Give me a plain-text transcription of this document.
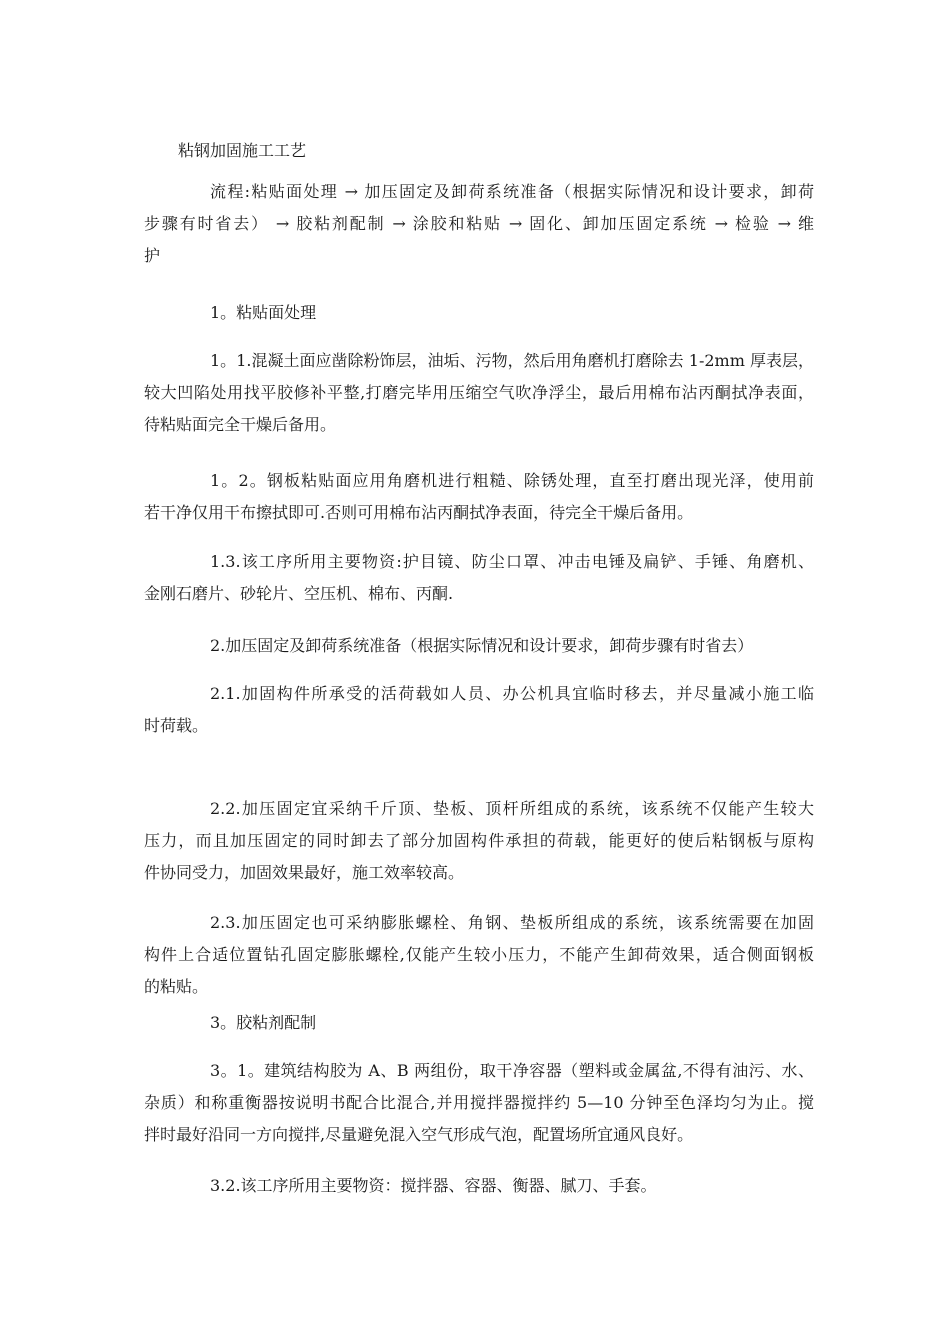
粘钢加固施工工艺
流程:粘贴面处理 → 加压固定及卸荷系统准备（根据实际情况和设计要求，卸荷
步骤有时省去） → 胶粘剂配制 → 涂胶和粘贴 → 固化、卸加压固定系统 → 检验 → 维
护
1。粘贴面处理
1。1.混凝土面应凿除粉饰层，油垢、污物，然后用角磨机打磨除去 1-2mm 厚表层，
较大凹陷处用找平胶修补平整,打磨完毕用压缩空气吹净浮尘，最后用棉布沾丙酮拭净表面，
待粘贴面完全干燥后备用。
1。2。钢板粘贴面应用角磨机进行粗糙、除锈处理，直至打磨出现光泽，使用前
若干净仅用干布擦拭即可.否则可用棉布沾丙酮拭净表面，待完全干燥后备用。
1.3.该工序所用主要物资:护目镜、防尘口罩、冲击电锤及扁铲、手锤、角磨机、
金刚石磨片、砂轮片、空压机、棉布、丙酮.
2.加压固定及卸荷系统准备（根据实际情况和设计要求，卸荷步骤有时省去）
2.1.加固构件所承受的活荷载如人员、办公机具宜临时移去，并尽量减小施工临
时荷载。
2.2.加压固定宜采纳千斤顶、垫板、顶杆所组成的系统，该系统不仅能产生较大
压力，而且加压固定的同时卸去了部分加固构件承担的荷载，能更好的使后粘钢板与原构
件协同受力，加固效果最好，施工效率较高。
2.3.加压固定也可采纳膨胀螺栓、角钢、垫板所组成的系统，该系统需要在加固
构件上合适位置钻孔固定膨胀螺栓,仅能产生较小压力，不能产生卸荷效果，适合侧面钢板
的粘贴。
3。胶粘剂配制
3。1。建筑结构胶为 A、B 两组份，取干净容器（塑料或金属盆,不得有油污、水、
杂质）和称重衡器按说明书配合比混合,并用搅拌器搅拌约 5—10 分钟至色泽均匀为止。搅
拌时最好沿同一方向搅拌,尽量避免混入空气形成气泡，配置场所宜通风良好。
3.2.该工序所用主要物资：搅拌器、容器、衡器、腻刀、手套。
